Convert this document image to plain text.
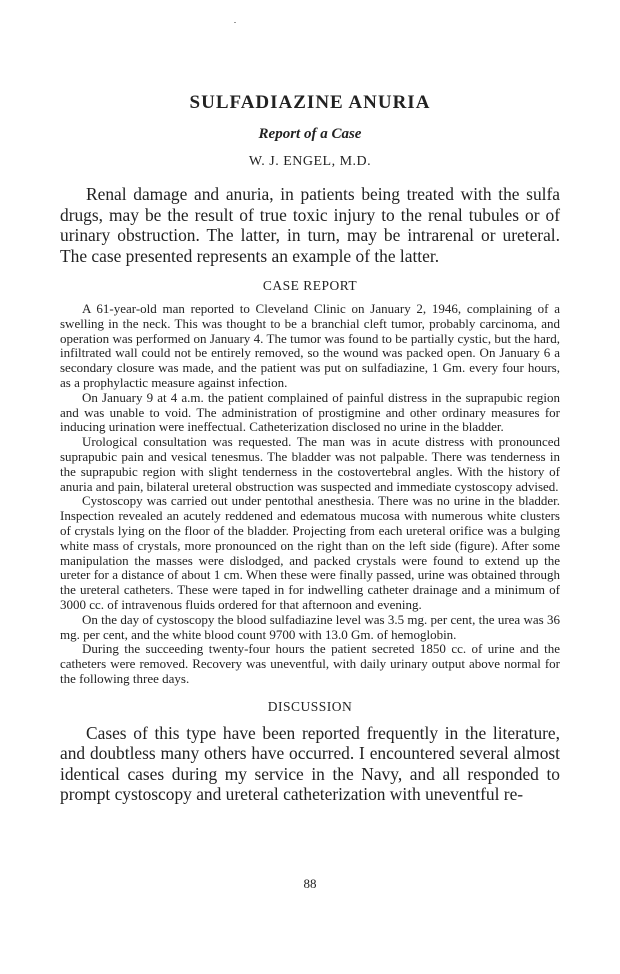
SULFADIAZINE ANURIA
Report of a Case
W. J. ENGEL, M.D.

Renal damage and anuria, in patients being treated with the sulfa drugs, may be the result of true toxic injury to the renal tubules or of urinary obstruction. The latter, in turn, may be intrarenal or ureteral. The case presented represents an example of the latter.

CASE REPORT

A 61-year-old man reported to Cleveland Clinic on January 2, 1946, complaining of a swelling in the neck. This was thought to be a branchial cleft tumor, probably carcinoma, and operation was performed on January 4. The tumor was found to be partially cystic, but the hard, infiltrated wall could not be entirely removed, so the wound was packed open. On January 6 a secondary closure was made, and the patient was put on sulfadiazine, 1 Gm. every four hours, as a prophylactic measure against infection.

On January 9 at 4 a.m. the patient complained of painful distress in the suprapubic region and was unable to void. The administration of prostigmine and other ordinary measures for inducing urination were ineffectual. Catheterization disclosed no urine in the bladder.

Urological consultation was requested. The man was in acute distress with pronounced suprapubic pain and vesical tenesmus. The bladder was not palpable. There was tenderness in the suprapubic region with slight tenderness in the costovertebral angles. With the history of anuria and pain, bilateral ureteral obstruction was suspected and immediate cystoscopy advised.

Cystoscopy was carried out under pentothal anesthesia. There was no urine in the bladder. Inspection revealed an acutely reddened and edematous mucosa with numerous white clusters of crystals lying on the floor of the bladder. Projecting from each ureteral orifice was a bulging white mass of crystals, more pronounced on the right than on the left side (figure). After some manipulation the masses were dislodged, and packed crystals were found to extend up the ureter for a distance of about 1 cm. When these were finally passed, urine was obtained through the ureteral catheters. These were taped in for indwelling catheter drainage and a minimum of 3000 cc. of intravenous fluids ordered for that afternoon and evening.

On the day of cystoscopy the blood sulfadiazine level was 3.5 mg. per cent, the urea was 36 mg. per cent, and the white blood count 9700 with 13.0 Gm. of hemoglobin.

During the succeeding twenty-four hours the patient secreted 1850 cc. of urine and the catheters were removed. Recovery was uneventful, with daily urinary output above normal for the following three days.

DISCUSSION

Cases of this type have been reported frequently in the literature, and doubtless many others have occurred. I encountered several almost identical cases during my service in the Navy, and all responded to prompt cystoscopy and ureteral catheterization with uneventful re-

88
